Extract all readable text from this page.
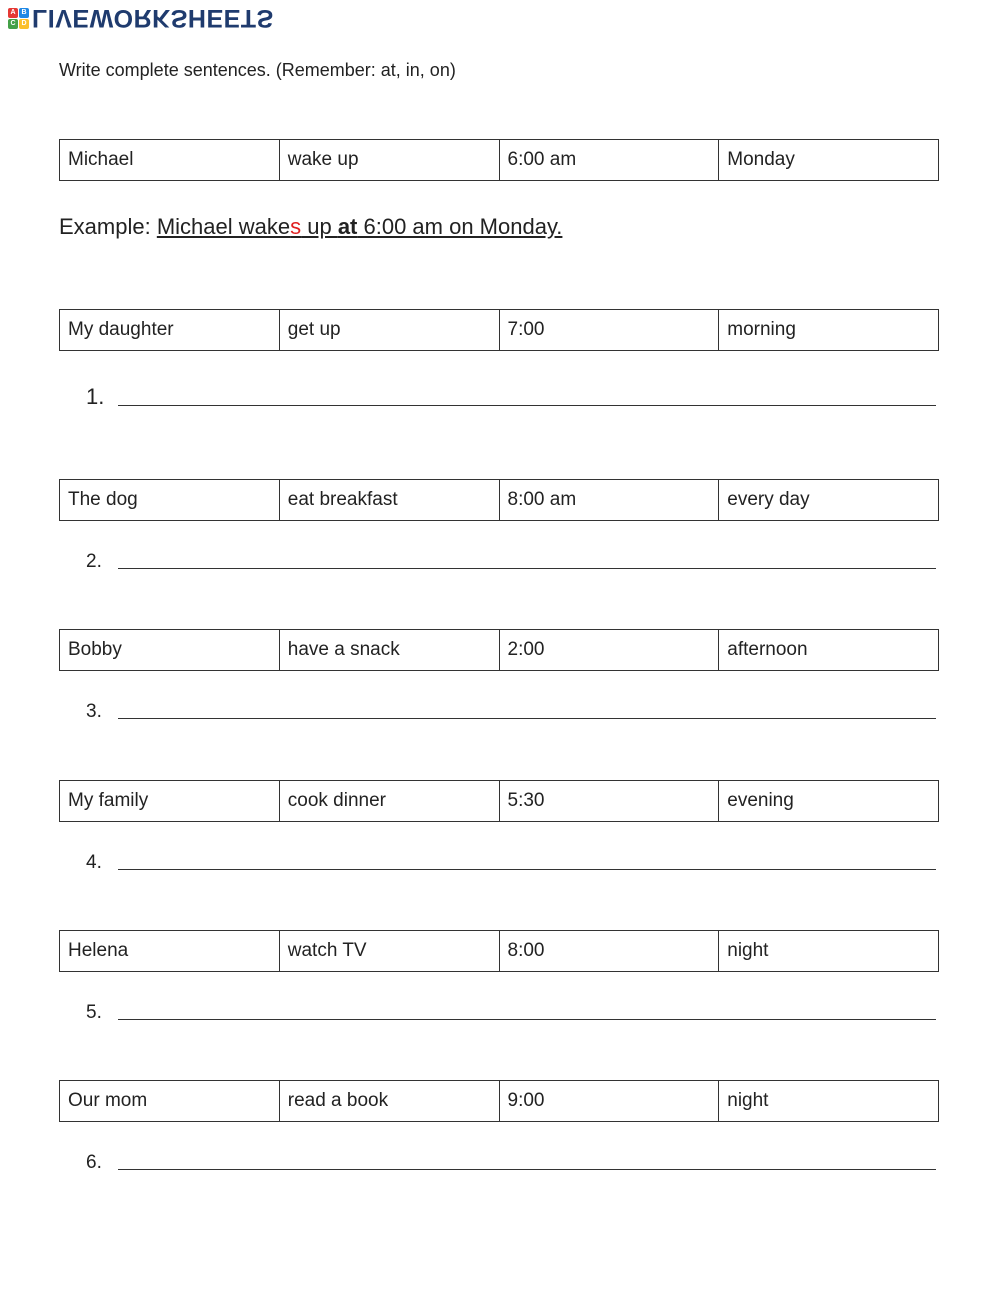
A B
C D LIVEWORKSHEETS
Write complete sentences. (Remember: at, in, on)
Michael	wake up	6:00 am	Monday
Example: Michael wakes up at 6:00 am on Monday.
My daughter	get up	7:00	morning
1.
The dog	eat breakfast	8:00 am	every day
2.
Bobby	have a snack	2:00	afternoon
3.
My family	cook dinner	5:30	evening
4.
Helena	watch TV	8:00	night
5.
Our mom	read a book	9:00	night
6.
